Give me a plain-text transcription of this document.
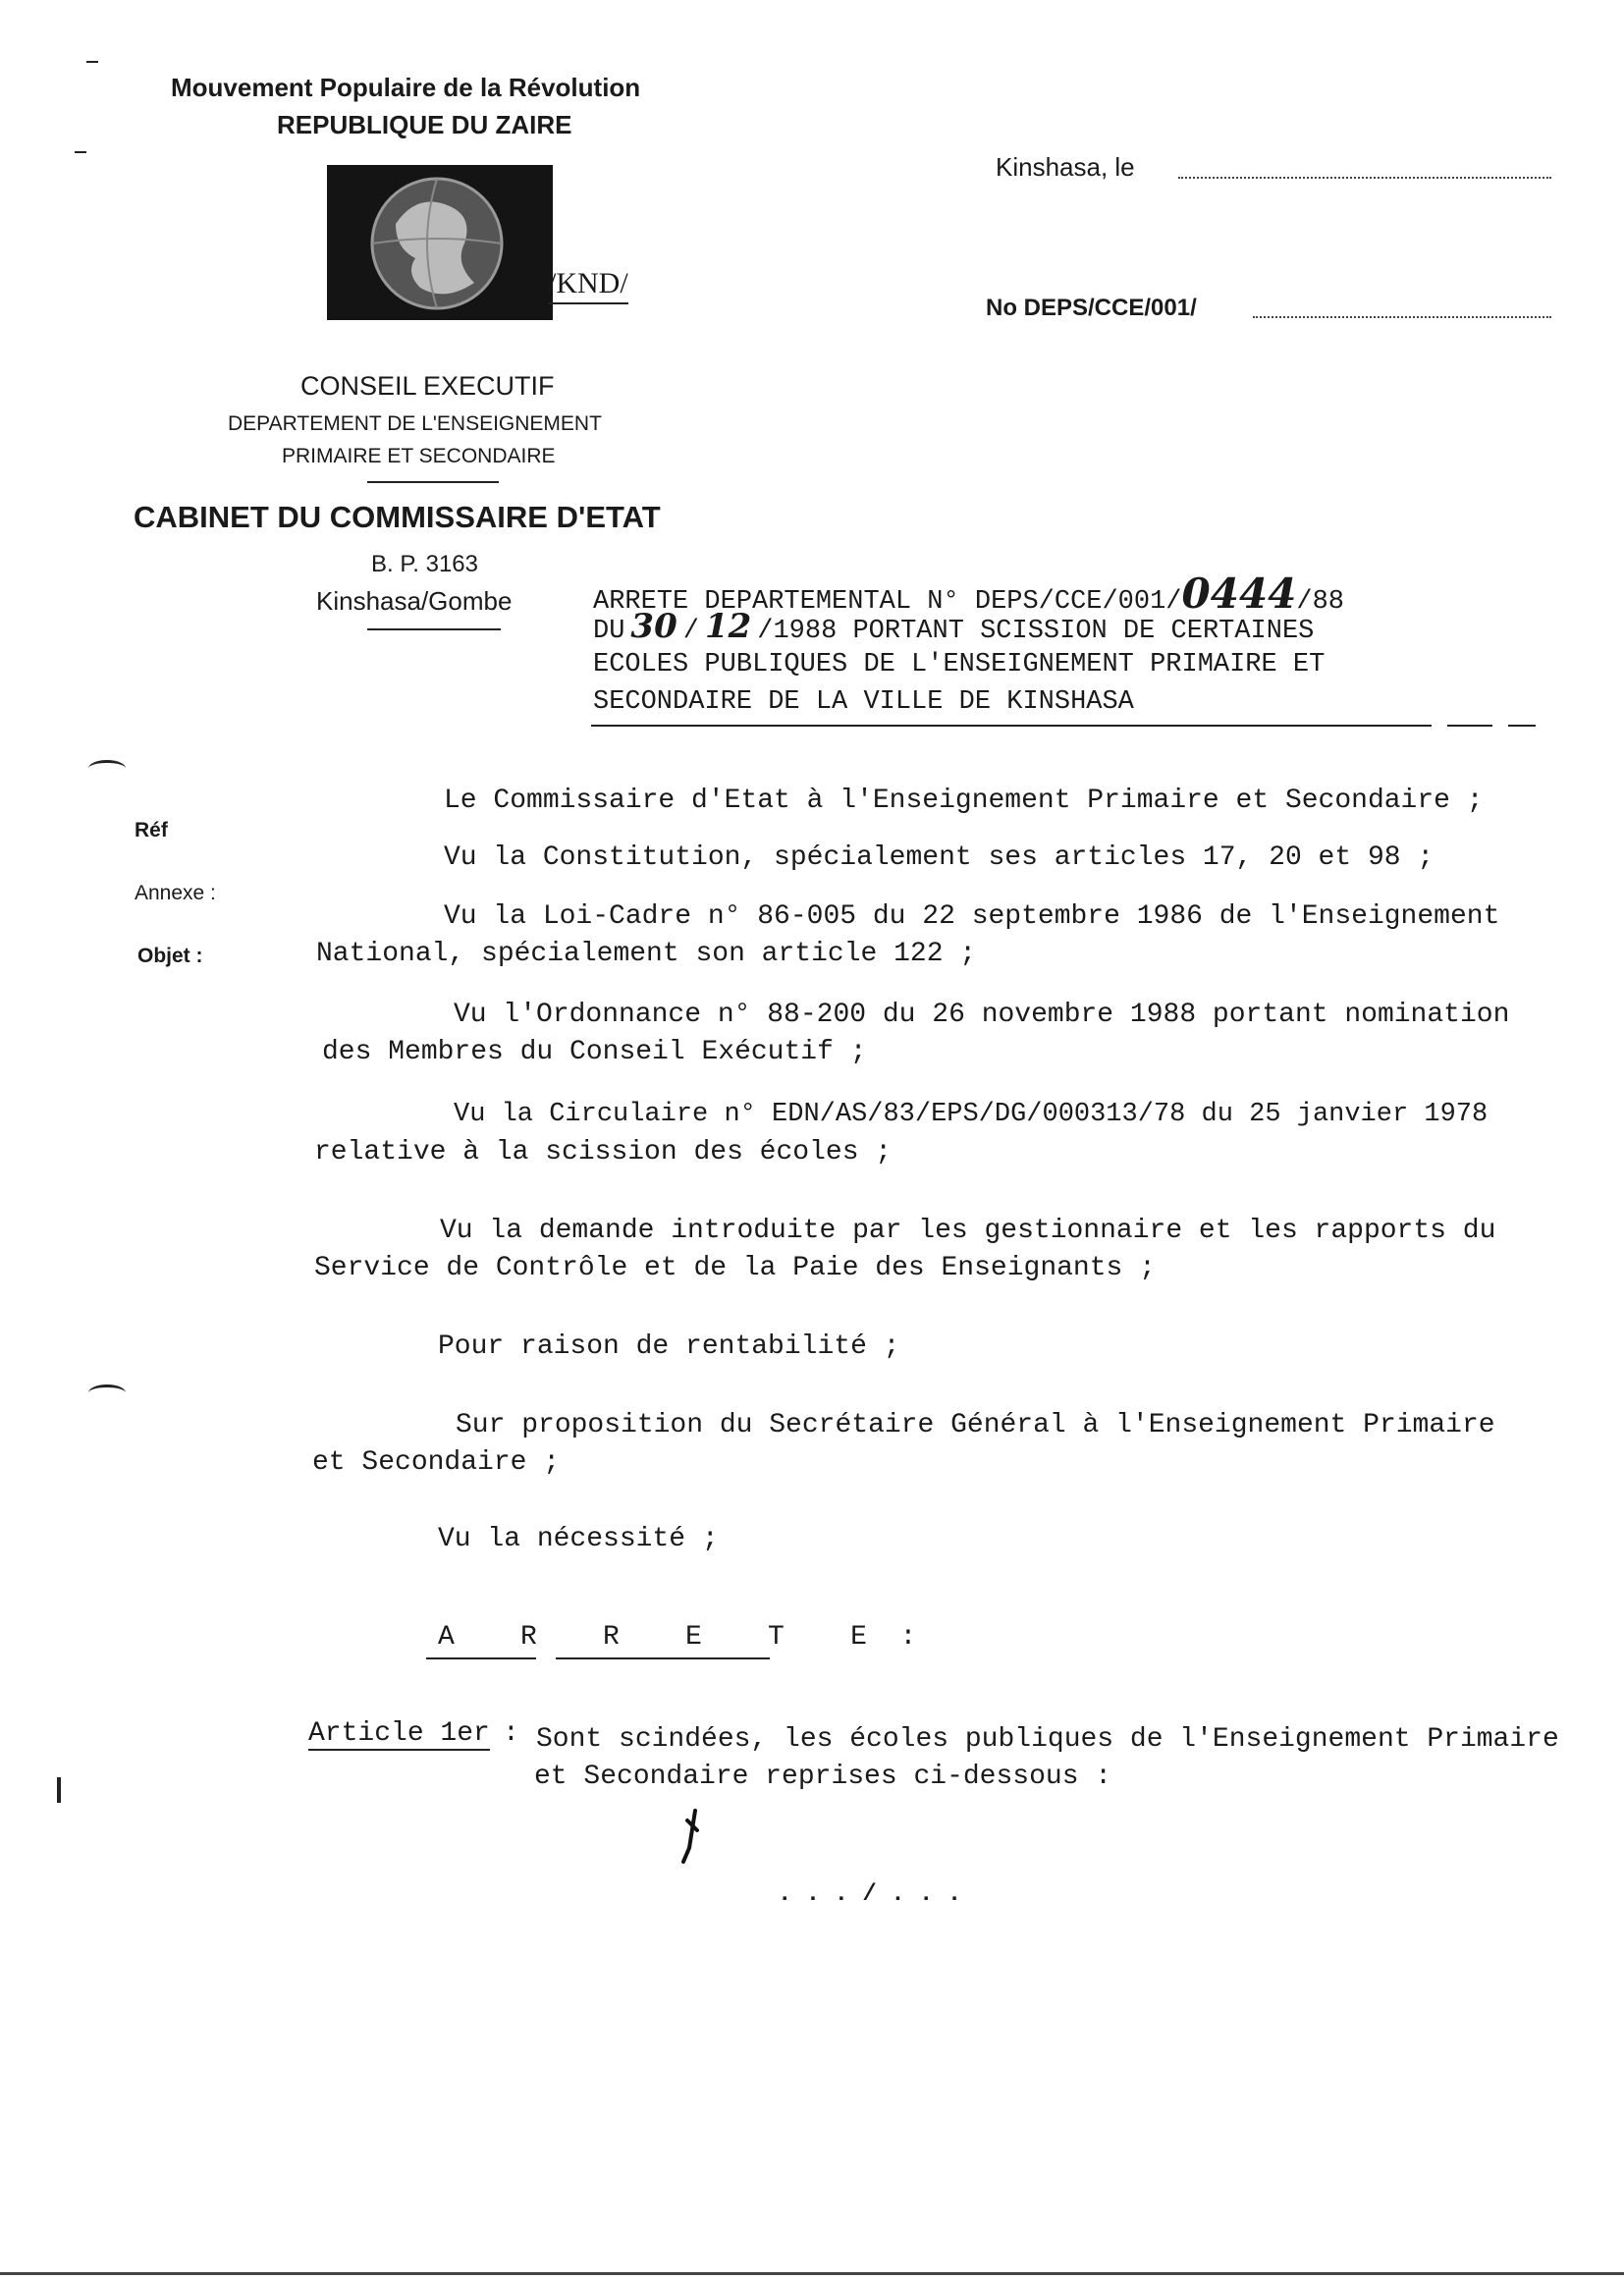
Mouvement Populaire de la Révolution
REPUBLIQUE DU ZAIRE
/KND/
CONSEIL EXECUTIF
DEPARTEMENT DE L'ENSEIGNEMENT
PRIMAIRE ET SECONDAIRE
CABINET DU COMMISSAIRE D'ETAT
B. P. 3163
Kinshasa/Gombe
Kinshasa, le
No DEPS/CCE/001/
ARRETE DEPARTEMENTAL N° DEPS/CCE/001/0444/88
DU 30 / 12 /1988 PORTANT SCISSION DE CERTAINES
ECOLES PUBLIQUES DE L'ENSEIGNEMENT PRIMAIRE ET
SECONDAIRE DE LA VILLE DE KINSHASA
Réf
Annexe :
Objet :
Le Commissaire d'Etat à l'Enseignement Primaire et Secondaire ;
Vu la Constitution, spécialement ses articles 17, 20 et 98 ;
Vu la Loi-Cadre n° 86-005 du 22 septembre 1986 de l'Enseignement
National, spécialement son article 122 ;
Vu l'Ordonnance n° 88-200 du 26 novembre 1988 portant nomination
des Membres du Conseil Exécutif ;
Vu la Circulaire n° EDN/AS/83/EPS/DG/000313/78 du 25 janvier 1978
relative à la scission des écoles ;
Vu la demande introduite par les gestionnaire et les rapports du
Service de Contrôle et de la Paie des Enseignants ;
Pour raison de rentabilité ;
Sur proposition du Secrétaire Général à l'Enseignement Primaire
et Secondaire ;
Vu la nécessité ;
A    R    R    E    T    E  :
Article 1er : Sont scindées, les écoles publiques de l'Enseignement Primaire
et Secondaire reprises ci-dessous :
. . . / . . .
